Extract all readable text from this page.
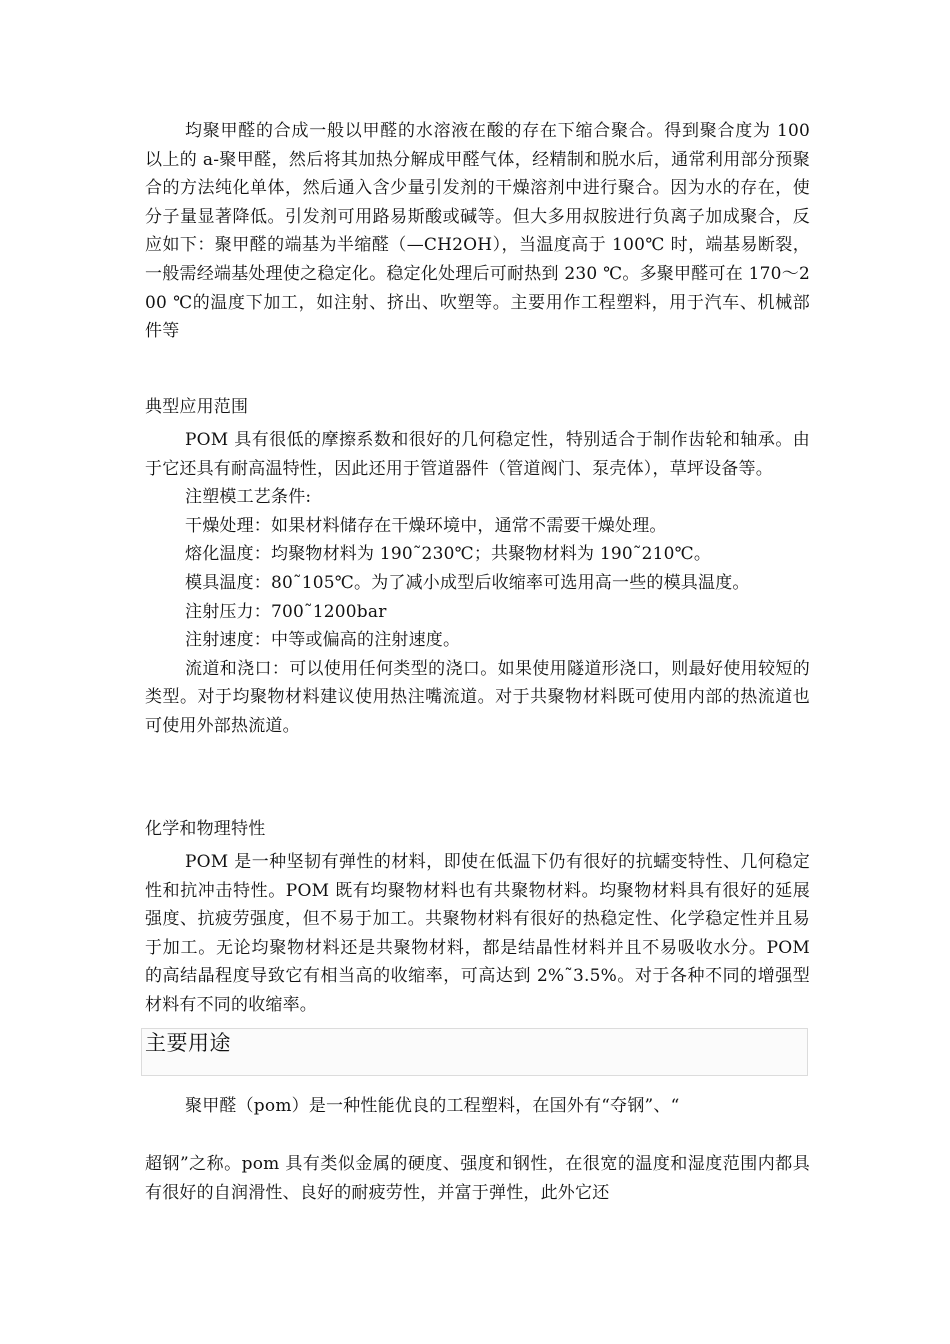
均聚甲醛的合成一般以甲醛的水溶液在酸的存在下缩合聚合。得到聚合度为 100 以上的 a-聚甲醛，然后将其加热分解成甲醛气体，经精制和脱水后，通常利用部分预聚合的方法纯化单体，然后通入含少量引发剂的干燥溶剂中进行聚合。因为水的存在，使分子量显著降低。引发剂可用路易斯酸或碱等。但大多用叔胺进行负离子加成聚合，反应如下：聚甲醛的端基为半缩醛（—CH2OH），当温度高于 100℃ 时，端基易断裂，一般需经端基处理使之稳定化。稳定化处理后可耐热到 230 ℃。多聚甲醛可在 170～200 ℃的温度下加工，如注射、挤出、吹塑等。主要用作工程塑料，用于汽车、机械部件等

典型应用范围

POM 具有很低的摩擦系数和很好的几何稳定性，特别适合于制作齿轮和轴承。由于它还具有耐高温特性，因此还用于管道器件（管道阀门、泵壳体），草坪设备等。

注塑模工艺条件:

干燥处理：如果材料储存在干燥环境中，通常不需要干燥处理。

熔化温度：均聚物材料为 190˜230℃；共聚物材料为 190˜210℃。

模具温度：80˜105℃。为了减小成型后收缩率可选用高一些的模具温度。

注射压力：700˜1200bar

注射速度：中等或偏高的注射速度。

流道和浇口：可以使用任何类型的浇口。如果使用隧道形浇口，则最好使用较短的类型。对于均聚物材料建议使用热注嘴流道。对于共聚物材料既可使用内部的热流道也可使用外部热流道。

化学和物理特性

POM 是一种坚韧有弹性的材料，即使在低温下仍有很好的抗蠕变特性、几何稳定性和抗冲击特性。POM 既有均聚物材料也有共聚物材料。均聚物材料具有很好的延展强度、抗疲劳强度，但不易于加工。共聚物材料有很好的热稳定性、化学稳定性并且易于加工。无论均聚物材料还是共聚物材料，都是结晶性材料并且不易吸收水分。POM 的高结晶程度导致它有相当高的收缩率，可高达到 2%˜3.5%。对于各种不同的增强型材料有不同的收缩率。

主要用途

聚甲醛（pom）是一种性能优良的工程塑料，在国外有“夺钢”、“

超钢”之称。pom 具有类似金属的硬度、强度和钢性，在很宽的温度和湿度范围内都具有很好的自润滑性、良好的耐疲劳性，并富于弹性，此外它还
